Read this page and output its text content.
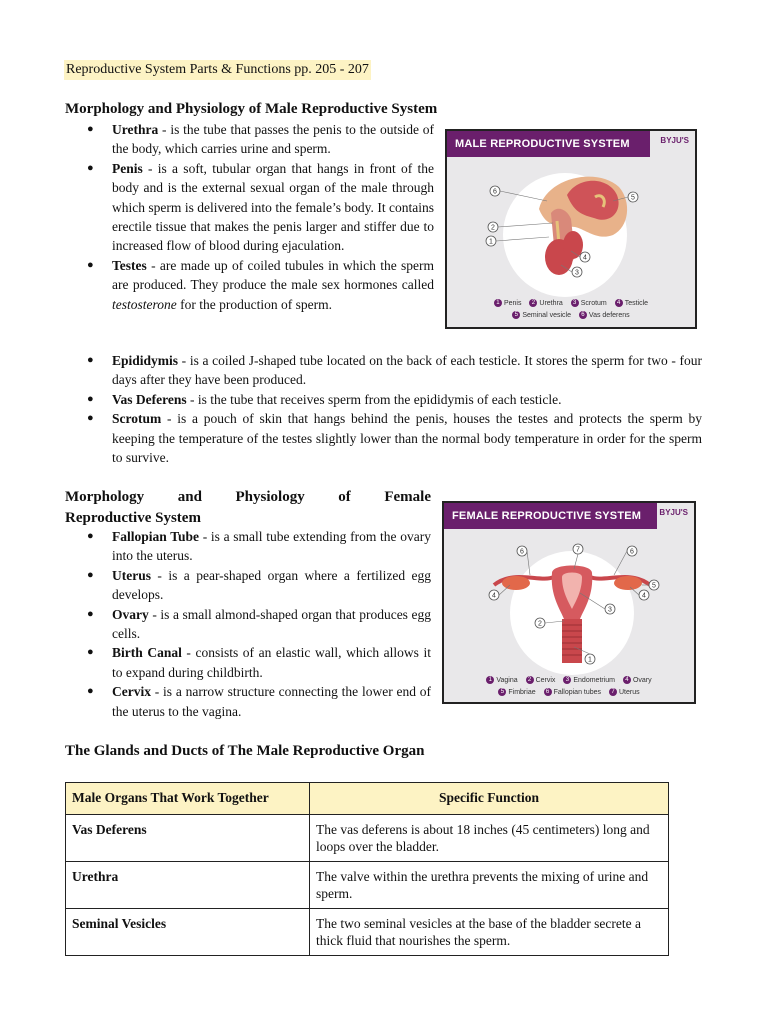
Reproductive System Parts & Functions pp. 205 - 207
Morphology and Physiology of Male Reproductive System
● Urethra - is the tube that passes the penis to the outside of the body, which carries urine and sperm.
● Penis - is a soft, tubular organ that hangs in front of the body and is the external sexual organ of the male through which sperm is delivered into the female’s body. It contains erectile tissue that makes the penis larger and stiffer due to increased flow of blood during ejaculation.
● Testes - are made up of coiled tubules in which the sperm are produced. They produce the male sex hormones called testosterone for the production of sperm.
● Epididymis - is a coiled J-shaped tube located on the back of each testicle. It stores the sperm for two - four days after they have been produced.
● Vas Deferens - is the tube that receives sperm from the epididymis of each testicle.
● Scrotum - is a pouch of skin that hangs behind the penis, houses the testes and protects the sperm by keeping the temperature of the testes slightly lower than the normal body temperature in order for the sperm to survive.
MALE REPRODUCTIVE SYSTEM	BYJU'S
1
2
3
4
5
6
1 Penis 2 Urethra 3 Scrotum 4 Testicle
5 Seminal vesicle 6 Vas deferens
Morphology and Physiology of Female
Reproductive System
● Fallopian Tube - is a small tube extending from the ovary into the uterus.
● Uterus - is a pear-shaped organ where a fertilized egg develops.
● Ovary - is a small almond-shaped organ that produces egg cells.
● Birth Canal - consists of an elastic wall, which allows it to expand during childbirth.
● Cervix - is a narrow structure connecting the lower end of the uterus to the vagina.
FEMALE REPRODUCTIVE SYSTEM	BYJU'S
1
2
3
4	4
5
6	6
7
1 Vagina 2 Cervix 3 Endometrium 4 Ovary
5 Fimbriae 6 Fallopian tubes 7 Uterus
The Glands and Ducts of The Male Reproductive Organ
Male Organs That Work Together	Specific Function
Vas Deferens	The vas deferens is about 18 inches (45 centimeters) long and loops over the bladder.
Urethra	The valve within the urethra prevents the mixing of urine and sperm.
Seminal Vesicles	The two seminal vesicles at the base of the bladder secrete a thick fluid that nourishes the sperm.
